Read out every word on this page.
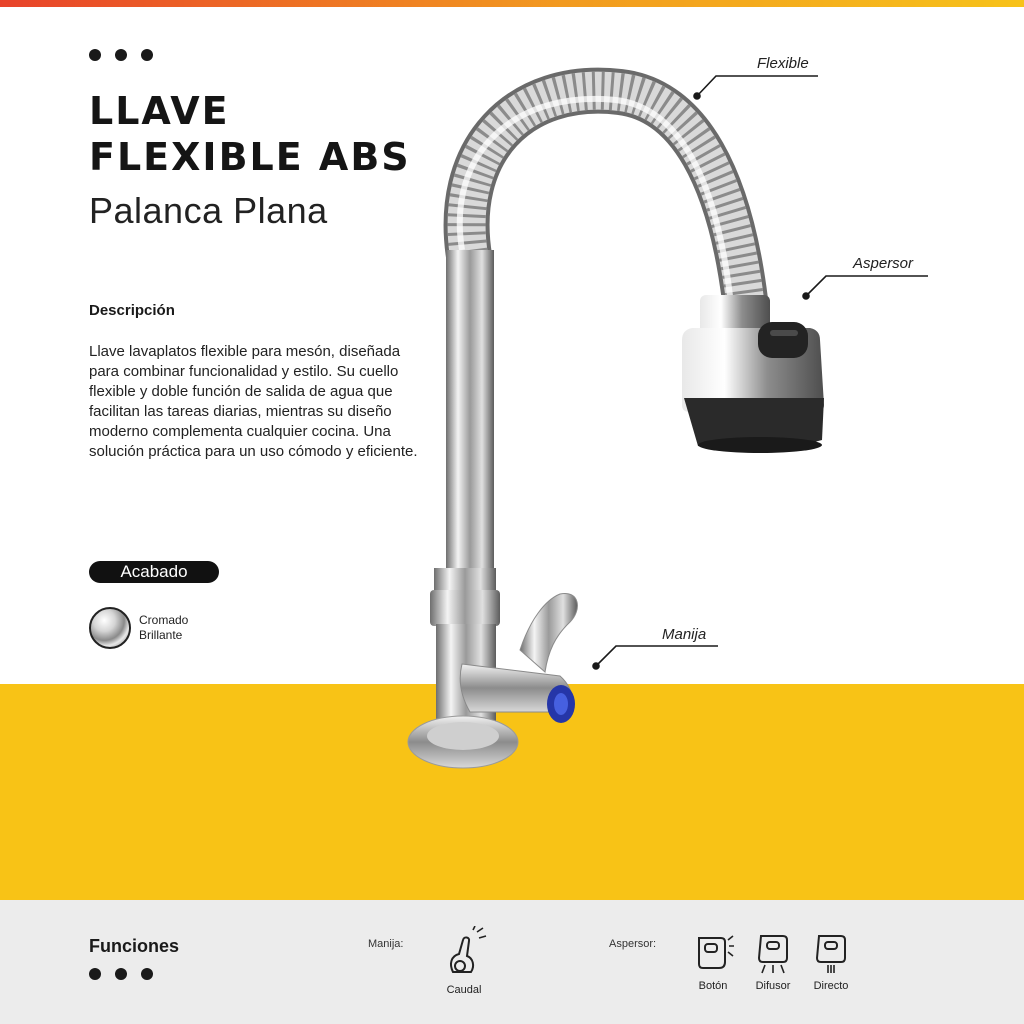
LLAVE
FLEXIBLE ABS
Palanca Plana
Descripción

Llave lavaplatos flexible para mesón, diseñada para combinar funcionalidad y estilo. Su cuello flexible y doble función de salida de agua que facilitan las tareas diarias, mientras su diseño moderno complementa cualquier cocina. Una solución práctica para un uso cómodo y eficiente.

Acabado
Cromado
Brillante
Flexible
Aspersor
Manija
Funciones	Manija:	Aspersor:
Caudal	Botón	Difusor	Directo
